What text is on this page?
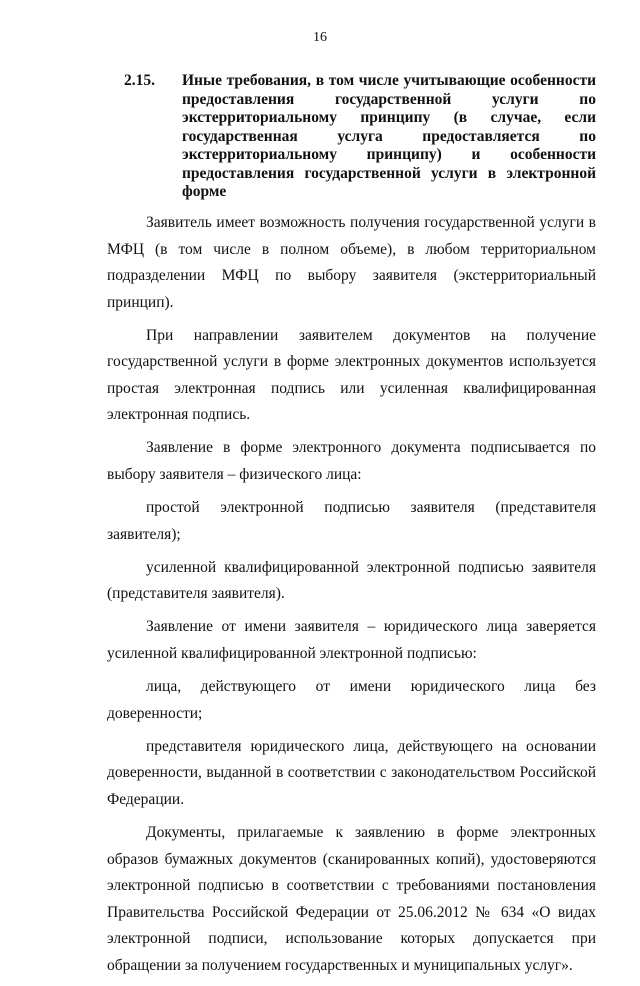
16
2.15. Иные требования, в том числе учитывающие особенности предоставления государственной услуги по экстерриториальному принципу (в случае, если государственная услуга предоставляется по экстерриториальному принципу) и особенности предоставления государственной услуги в электронной форме

Заявитель имеет возможность получения государственной услуги в МФЦ (в том числе в полном объеме), в любом территориальном подразделении МФЦ по выбору заявителя (экстерриториальный принцип).

При направлении заявителем документов на получение государственной услуги в форме электронных документов используется простая электронная подпись или усиленная квалифицированная электронная подпись.

Заявление в форме электронного документа подписывается по выбору заявителя – физического лица:

простой электронной подписью заявителя (представителя заявителя);

усиленной квалифицированной электронной подписью заявителя (представителя заявителя).

Заявление от имени заявителя – юридического лица заверяется усиленной квалифицированной электронной подписью:

лица, действующего от имени юридического лица без доверенности;

представителя юридического лица, действующего на основании доверенности, выданной в соответствии с законодательством Российской Федерации.

Документы, прилагаемые к заявлению в форме электронных образов бумажных документов (сканированных копий), удостоверяются электронной подписью в соответствии с требованиями постановления Правительства Российской Федерации от 25.06.2012 № 634 «О видах электронной подписи, использование которых допускается при обращении за получением государственных и муниципальных услуг».
